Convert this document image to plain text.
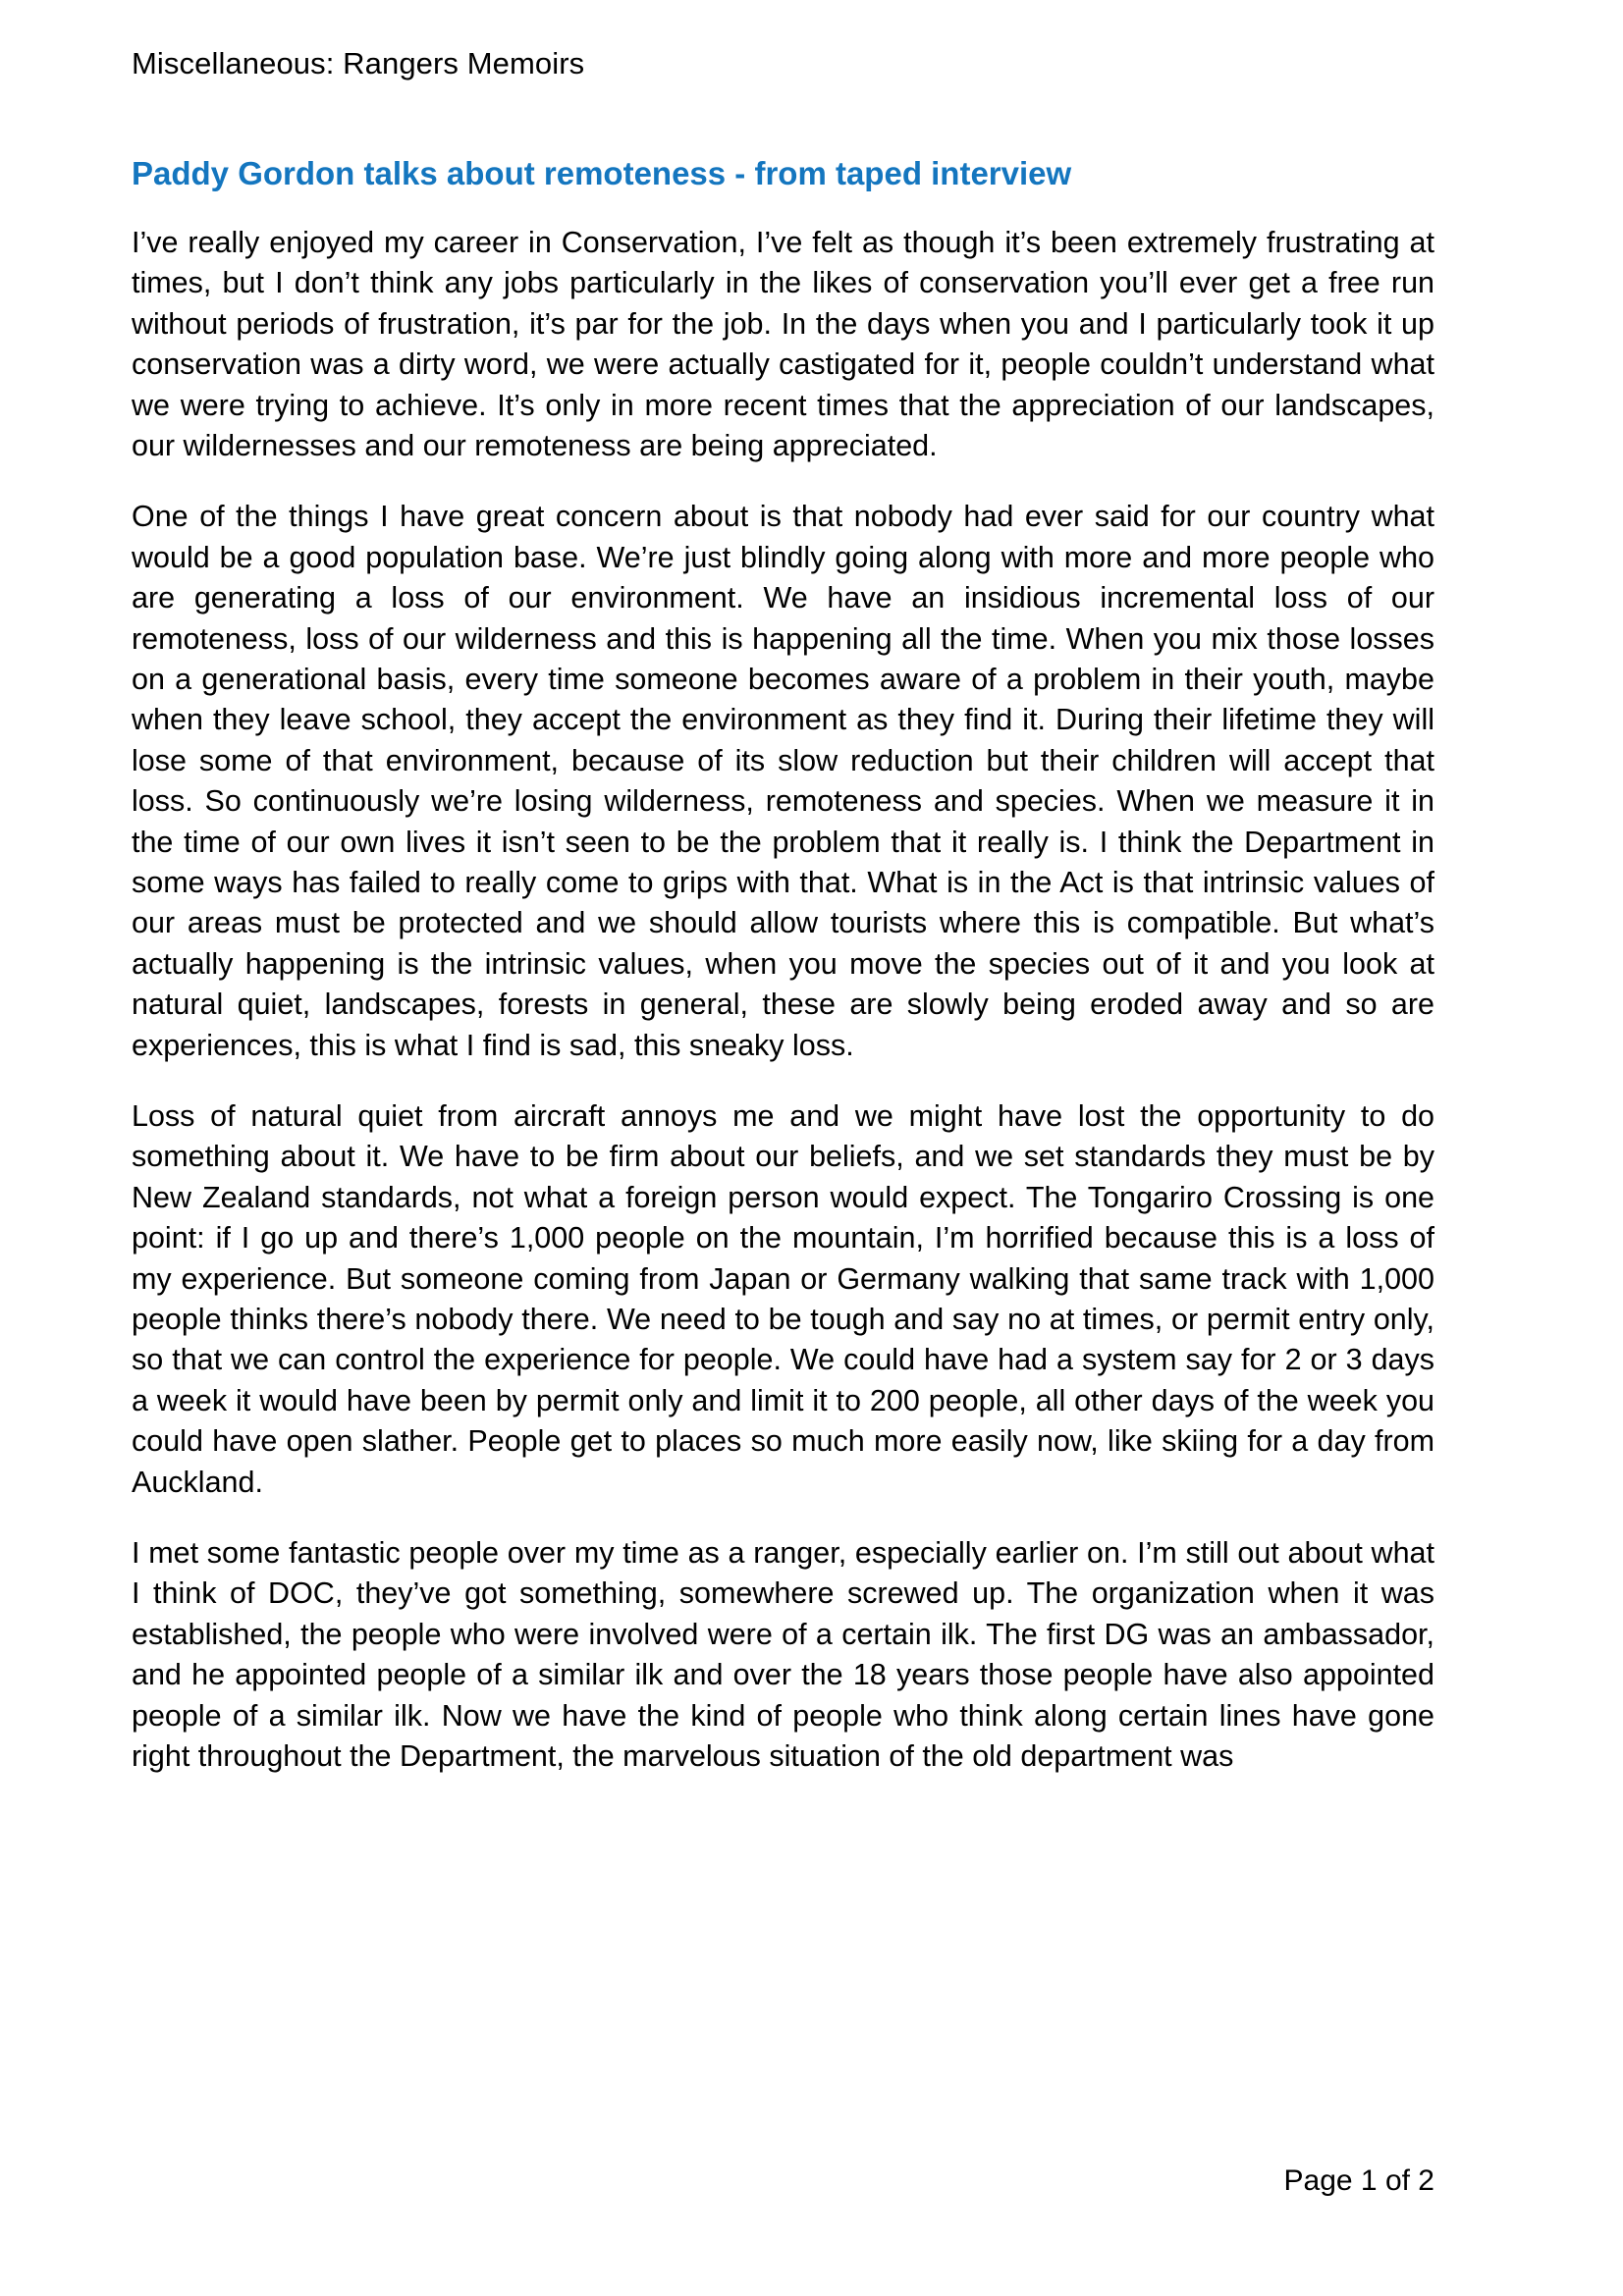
Miscellaneous: Rangers Memoirs
Paddy Gordon talks about remoteness - from taped interview

I’ve really enjoyed my career in Conservation, I’ve felt as though it’s been extremely frustrating at times, but I don’t think any jobs particularly in the likes of conservation you’ll ever get a free run without periods of frustration, it’s par for the job. In the days when you and I particularly took it up conservation was a dirty word, we were actually castigated for it, people couldn’t understand what we were trying to achieve. It’s only in more recent times that the appreciation of our landscapes, our wildernesses and our remoteness are being appreciated.

One of the things I have great concern about is that nobody had ever said for our country what would be a good population base. We’re just blindly going along with more and more people who are generating a loss of our environment. We have an insidious incremental loss of our remoteness, loss of our wilderness and this is happening all the time. When you mix those losses on a generational basis, every time someone becomes aware of a problem in their youth, maybe when they leave school, they accept the environment as they find it. During their lifetime they will lose some of that environment, because of its slow reduction but their children will accept that loss. So continuously we’re losing wilderness, remoteness and species. When we measure it in the time of our own lives it isn’t seen to be the problem that it really is. I think the Department in some ways has failed to really come to grips with that. What is in the Act is that intrinsic values of our areas must be protected and we should allow tourists where this is compatible. But what’s actually happening is the intrinsic values, when you move the species out of it and you look at natural quiet, landscapes, forests in general, these are slowly being eroded away and so are experiences, this is what I find is sad, this sneaky loss.

Loss of natural quiet from aircraft annoys me and we might have lost the opportunity to do something about it. We have to be firm about our beliefs, and we set standards they must be by New Zealand standards, not what a foreign person would expect. The Tongariro Crossing is one point: if I go up and there’s 1,000 people on the mountain, I’m horrified because this is a loss of my experience. But someone coming from Japan or Germany walking that same track with 1,000 people thinks there’s nobody there. We need to be tough and say no at times, or permit entry only, so that we can control the experience for people. We could have had a system say for 2 or 3 days a week it would have been by permit only and limit it to 200 people, all other days of the week you could have open slather. People get to places so much more easily now, like skiing for a day from Auckland.

I met some fantastic people over my time as a ranger, especially earlier on. I’m still out about what I think of DOC, they’ve got something, somewhere screwed up. The organization when it was established, the people who were involved were of a certain ilk. The first DG was an ambassador, and he appointed people of a similar ilk and over the 18 years those people have also appointed people of a similar ilk. Now we have the kind of people who think along certain lines have gone right throughout the Department, the marvelous situation of the old department was

Page 1 of 2
